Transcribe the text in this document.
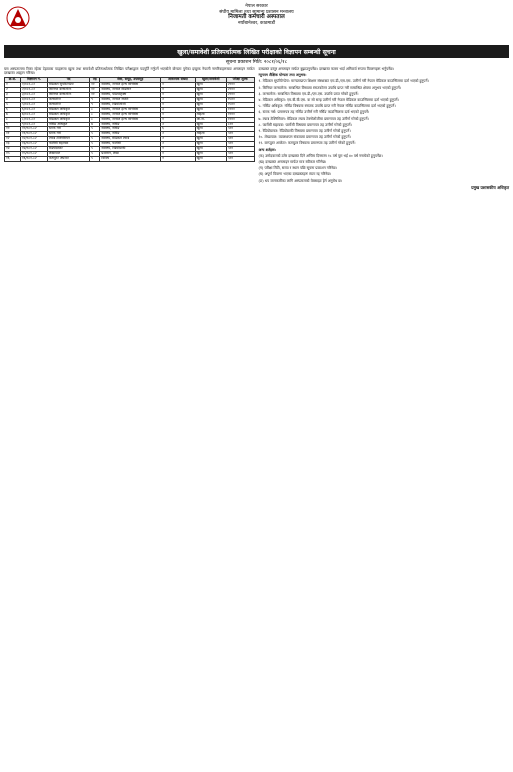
नेपाल सरकार
संघीय मामिला तथा सामान्य प्रशासन मन्त्रालय
निजामती कर्मचारी अस्पताल
नयाँबानेश्वर, काठमाडौं
खुला/समावेशी प्रतिस्पर्धात्मक लिखित परीक्षाको विज्ञापन सम्बन्धी सूचना
सूचना प्रकाशन मिति: २०८१/०६/१८

यस अस्पतालमा रिक्त रहेका देहायका पदहरूमा खुला तथा समावेशी प्रतिस्पर्धात्मक लिखित परीक्षाद्वारा पदपूर्ति गर्नुपर्ने भएकोले योग्यता पुगेका इच्छुक नेपाली नागरिकहरूबाट अनलाइन मार्फत दरखास्त आह्वान गरिन्छ।

क्र.सं.	विज्ञापन नं.	पद	तह	सेवा, समूह, उपसमूह	आवश्यक संख्या	खुला/समावेशी	परीक्षा शुल्क
१	१/०८१-८२	मेडिकल सुपरिटेन्डेन्ट	११	स्वास्थ्य, जनरल हेल्थ सर्भिसेस	१	खुला	२०००
२	२/०८१-८२	सिनियर कन्सल्टेन्ट	११	स्वास्थ्य, जनरल मेडिसिन	१	खुला	२०००
३	३/०८१-८२	सिनियर कन्सल्टेन्ट	११	स्वास्थ्य, पेडियाट्रिक्स	१	खुला	२०००
४	४/०८१-८२	कन्सल्टेन्ट	९	स्वास्थ्य, जनरल सर्जरी	२	खुला	१५००
५	५/०८१-८२	कन्सल्टेन्ट	९	स्वास्थ्य, रेडियोलोजी	१	खुला	१५००
६	६/०८१-८२	मेडिकल अधिकृत	८	स्वास्थ्य, जनरल हेल्थ सर्भिसेस	३	खुला	१०००
७	७/०८१-८२	मेडिकल अधिकृत	८	स्वास्थ्य, जनरल हेल्थ सर्भिसेस	१	महिला	१०००
८	८/०८१-८२	मेडिकल अधिकृत	८	स्वास्थ्य, जनरल हेल्थ सर्भिसेस	१	आ.ज.	१०००
९	९/०८१-८२	नर्सिङ अधिकृत	७	स्वास्थ्य, नर्सिङ	२	खुला	८००
१०	१०/०८१-८२	स्टाफ नर्स	५	स्वास्थ्य, नर्सिङ	६	खुला	५००
११	११/०८१-८२	स्टाफ नर्स	५	स्वास्थ्य, नर्सिङ	२	महिला	५००
१२	१२/०८१-८२	ल्याब टेक्निसियन	५	स्वास्थ्य, मेडिकल ल्याब	२	खुला	५००
१३	१३/०८१-८२	फार्मेसी सहायक	५	स्वास्थ्य, फार्मेसी	२	खुला	५००
१४	१४/०८१-८२	रेडियोग्राफर	५	स्वास्थ्य, रेडियोग्राफी	१	खुला	५००
१५	१५/०८१-८२	लेखापाल	५	प्रशासन, लेखा	१	खुला	५००
१६	१६/०८१-८२	कम्प्युटर अपरेटर	५	विविध	१	खुला	५००

दरखास्त दस्तुर अनलाइन मार्फत बुझाउनुपर्नेछ। दरखास्त फारम भर्दा अनिवार्य रूपमा विवरणहरू भर्नुपर्नेछ।

न्यूनतम शैक्षिक योग्यता तथा अनुभव:

१. मेडिकल सुपरिटेन्डेन्ट: मान्यताप्राप्त शिक्षण संस्थाबाट एम.डी./एम.एस. उत्तीर्ण गरी नेपाल मेडिकल काउन्सिलमा दर्ता भएको हुनुपर्ने।

२. सिनियर कन्सल्टेन्ट: सम्बन्धित विषयमा स्नातकोत्तर उपाधि प्राप्त गरी सम्बन्धित क्षेत्रमा अनुभव भएको हुनुपर्ने।

३. कन्सल्टेन्ट: सम्बन्धित विषयमा एम.डी./एम.एस. उपाधि प्राप्त गरेको हुनुपर्ने।

४. मेडिकल अधिकृत: एम.बी.बी.एस. वा सो सरह उत्तीर्ण गरी नेपाल मेडिकल काउन्सिलमा दर्ता भएको हुनुपर्ने।

५. नर्सिङ अधिकृत: नर्सिङ विषयमा स्नातक उपाधि प्राप्त गरी नेपाल नर्सिङ काउन्सिलमा दर्ता भएको हुनुपर्ने।

६. स्टाफ नर्स: प्रमाणपत्र तह नर्सिङ उत्तीर्ण गरी नर्सिङ काउन्सिलमा दर्ता भएको हुनुपर्ने।

७. ल्याब टेक्निसियन: मेडिकल ल्याब टेक्नोलोजीमा प्रमाणपत्र तह उत्तीर्ण गरेको हुनुपर्ने।

८. फार्मेसी सहायक: फार्मेसी विषयमा प्रमाणपत्र तह उत्तीर्ण गरेको हुनुपर्ने।

९. रेडियोग्राफर: रेडियोग्राफी विषयमा प्रमाणपत्र तह उत्तीर्ण गरेको हुनुपर्ने।

१०. लेखापाल: व्यवस्थापन संकायमा प्रमाणपत्र तह उत्तीर्ण गरेको हुनुपर्ने।

११. कम्प्युटर अपरेटर: कम्प्युटर विषयमा प्रमाणपत्र तह उत्तीर्ण गरेको हुनुपर्ने।

अन्य शर्तहरू:

(क) उम्मेदवारको उमेर दरखास्त दिने अन्तिम दिनसम्म १८ वर्ष पूरा भई ४० वर्ष ननाघेको हुनुपर्नेछ।

(ख) दरखास्त अनलाइन मार्फत मात्र स्वीकार गरिनेछ।

(ग) परीक्षा मिति, समय र स्थान पछि सूचना प्रकाशन गरिनेछ।

(घ) अपूर्ण विवरण भएका दरखास्तहरू स्वतः रद्द गरिनेछ।

(ङ) थप जानकारीका लागि अस्पतालको वेबसाइट हेर्न अनुरोध छ।

प्रमुख प्रशासकीय अधिकृत
